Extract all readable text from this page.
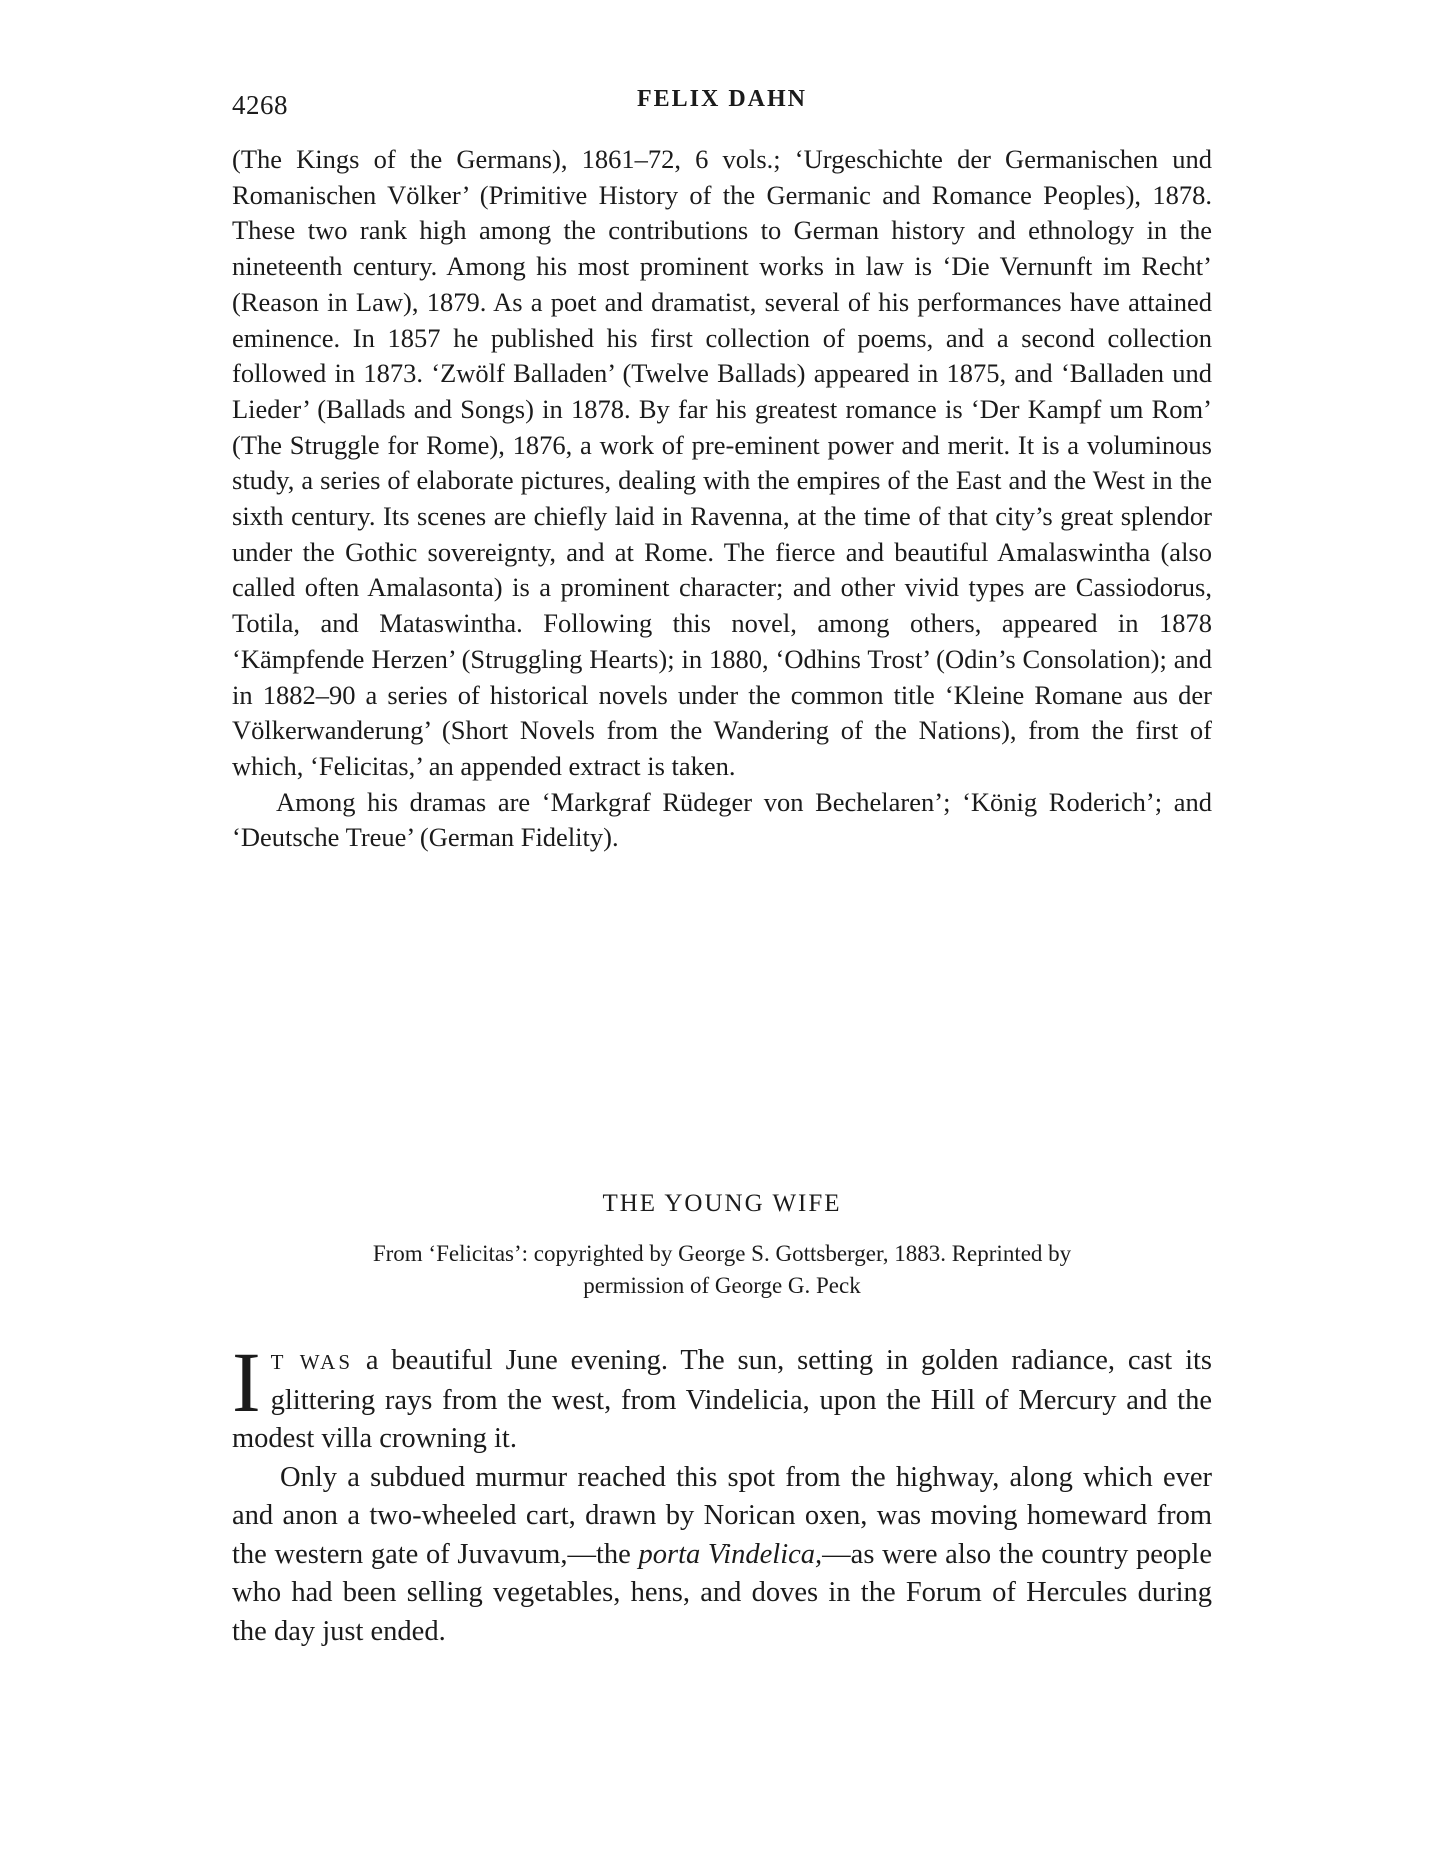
4268	FELIX DAHN

(The Kings of the Germans), 1861–72, 6 vols.; ‘Urgeschichte der Germanischen und Romanischen Völker’ (Primitive History of the Germanic and Romance Peoples), 1878. These two rank high among the contributions to German history and ethnology in the nineteenth century. Among his most prominent works in law is ‘Die Vernunft im Recht’ (Reason in Law), 1879. As a poet and dramatist, several of his performances have attained eminence. In 1857 he published his first collection of poems, and a second collection followed in 1873. ‘Zwölf Balladen’ (Twelve Ballads) appeared in 1875, and ‘Balladen und Lieder’ (Ballads and Songs) in 1878. By far his greatest romance is ‘Der Kampf um Rom’ (The Struggle for Rome), 1876, a work of pre-eminent power and merit. It is a voluminous study, a series of elaborate pictures, dealing with the empires of the East and the West in the sixth century. Its scenes are chiefly laid in Ravenna, at the time of that city’s great splendor under the Gothic sovereignty, and at Rome. The fierce and beautiful Amalaswintha (also called often Amalasonta) is a prominent character; and other vivid types are Cassiodorus, Totila, and Mataswintha. Following this novel, among others, appeared in 1878 ‘Kämpfende Herzen’ (Struggling Hearts); in 1880, ‘Odhins Trost’ (Odin’s Consolation); and in 1882–90 a series of historical novels under the common title ‘Kleine Romane aus der Völkerwanderung’ (Short Novels from the Wandering of the Nations), from the first of which, ‘Felicitas,’ an appended extract is taken.

Among his dramas are ‘Markgraf Rüdeger von Bechelaren’; ‘König Roderich’; and ‘Deutsche Treue’ (German Fidelity).

THE YOUNG WIFE
From ‘Felicitas’: copyrighted by George S. Gottsberger, 1883. Reprinted by
permission of George G. Peck

I T WAS a beautiful June evening. The sun, setting in golden radiance, cast its glittering rays from the west, from Vindelicia, upon the Hill of Mercury and the modest villa crowning it.

Only a subdued murmur reached this spot from the highway, along which ever and anon a two-wheeled cart, drawn by Norican oxen, was moving homeward from the western gate of Juvavum,—the porta Vindelica,—as were also the country people who had been selling vegetables, hens, and doves in the Forum of Hercules during the day just ended.
